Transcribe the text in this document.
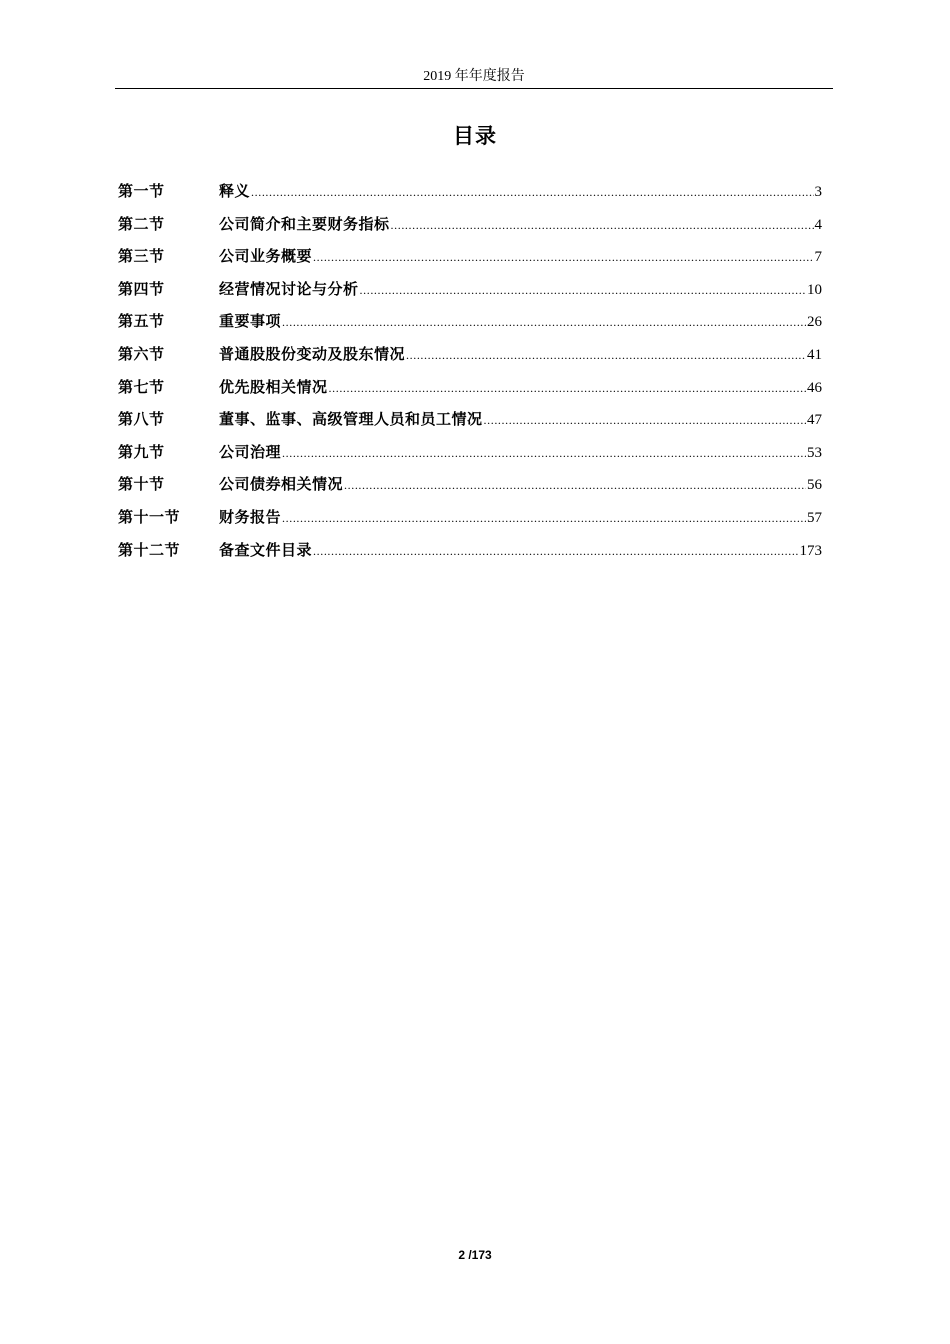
2019 年年度报告
目录
第一节	释义 .....	3
第二节	公司简介和主要财务指标 .....	4
第三节	公司业务概要 .....	7
第四节	经营情况讨论与分析 .....	10
第五节	重要事项 .....	26
第六节	普通股股份变动及股东情况 .....	41
第七节	优先股相关情况 .....	46
第八节	董事、监事、高级管理人员和员工情况 .....	47
第九节	公司治理 .....	53
第十节	公司债券相关情况 .....	56
第十一节	财务报告 .....	57
第十二节	备查文件目录 .....	173
2 /173
